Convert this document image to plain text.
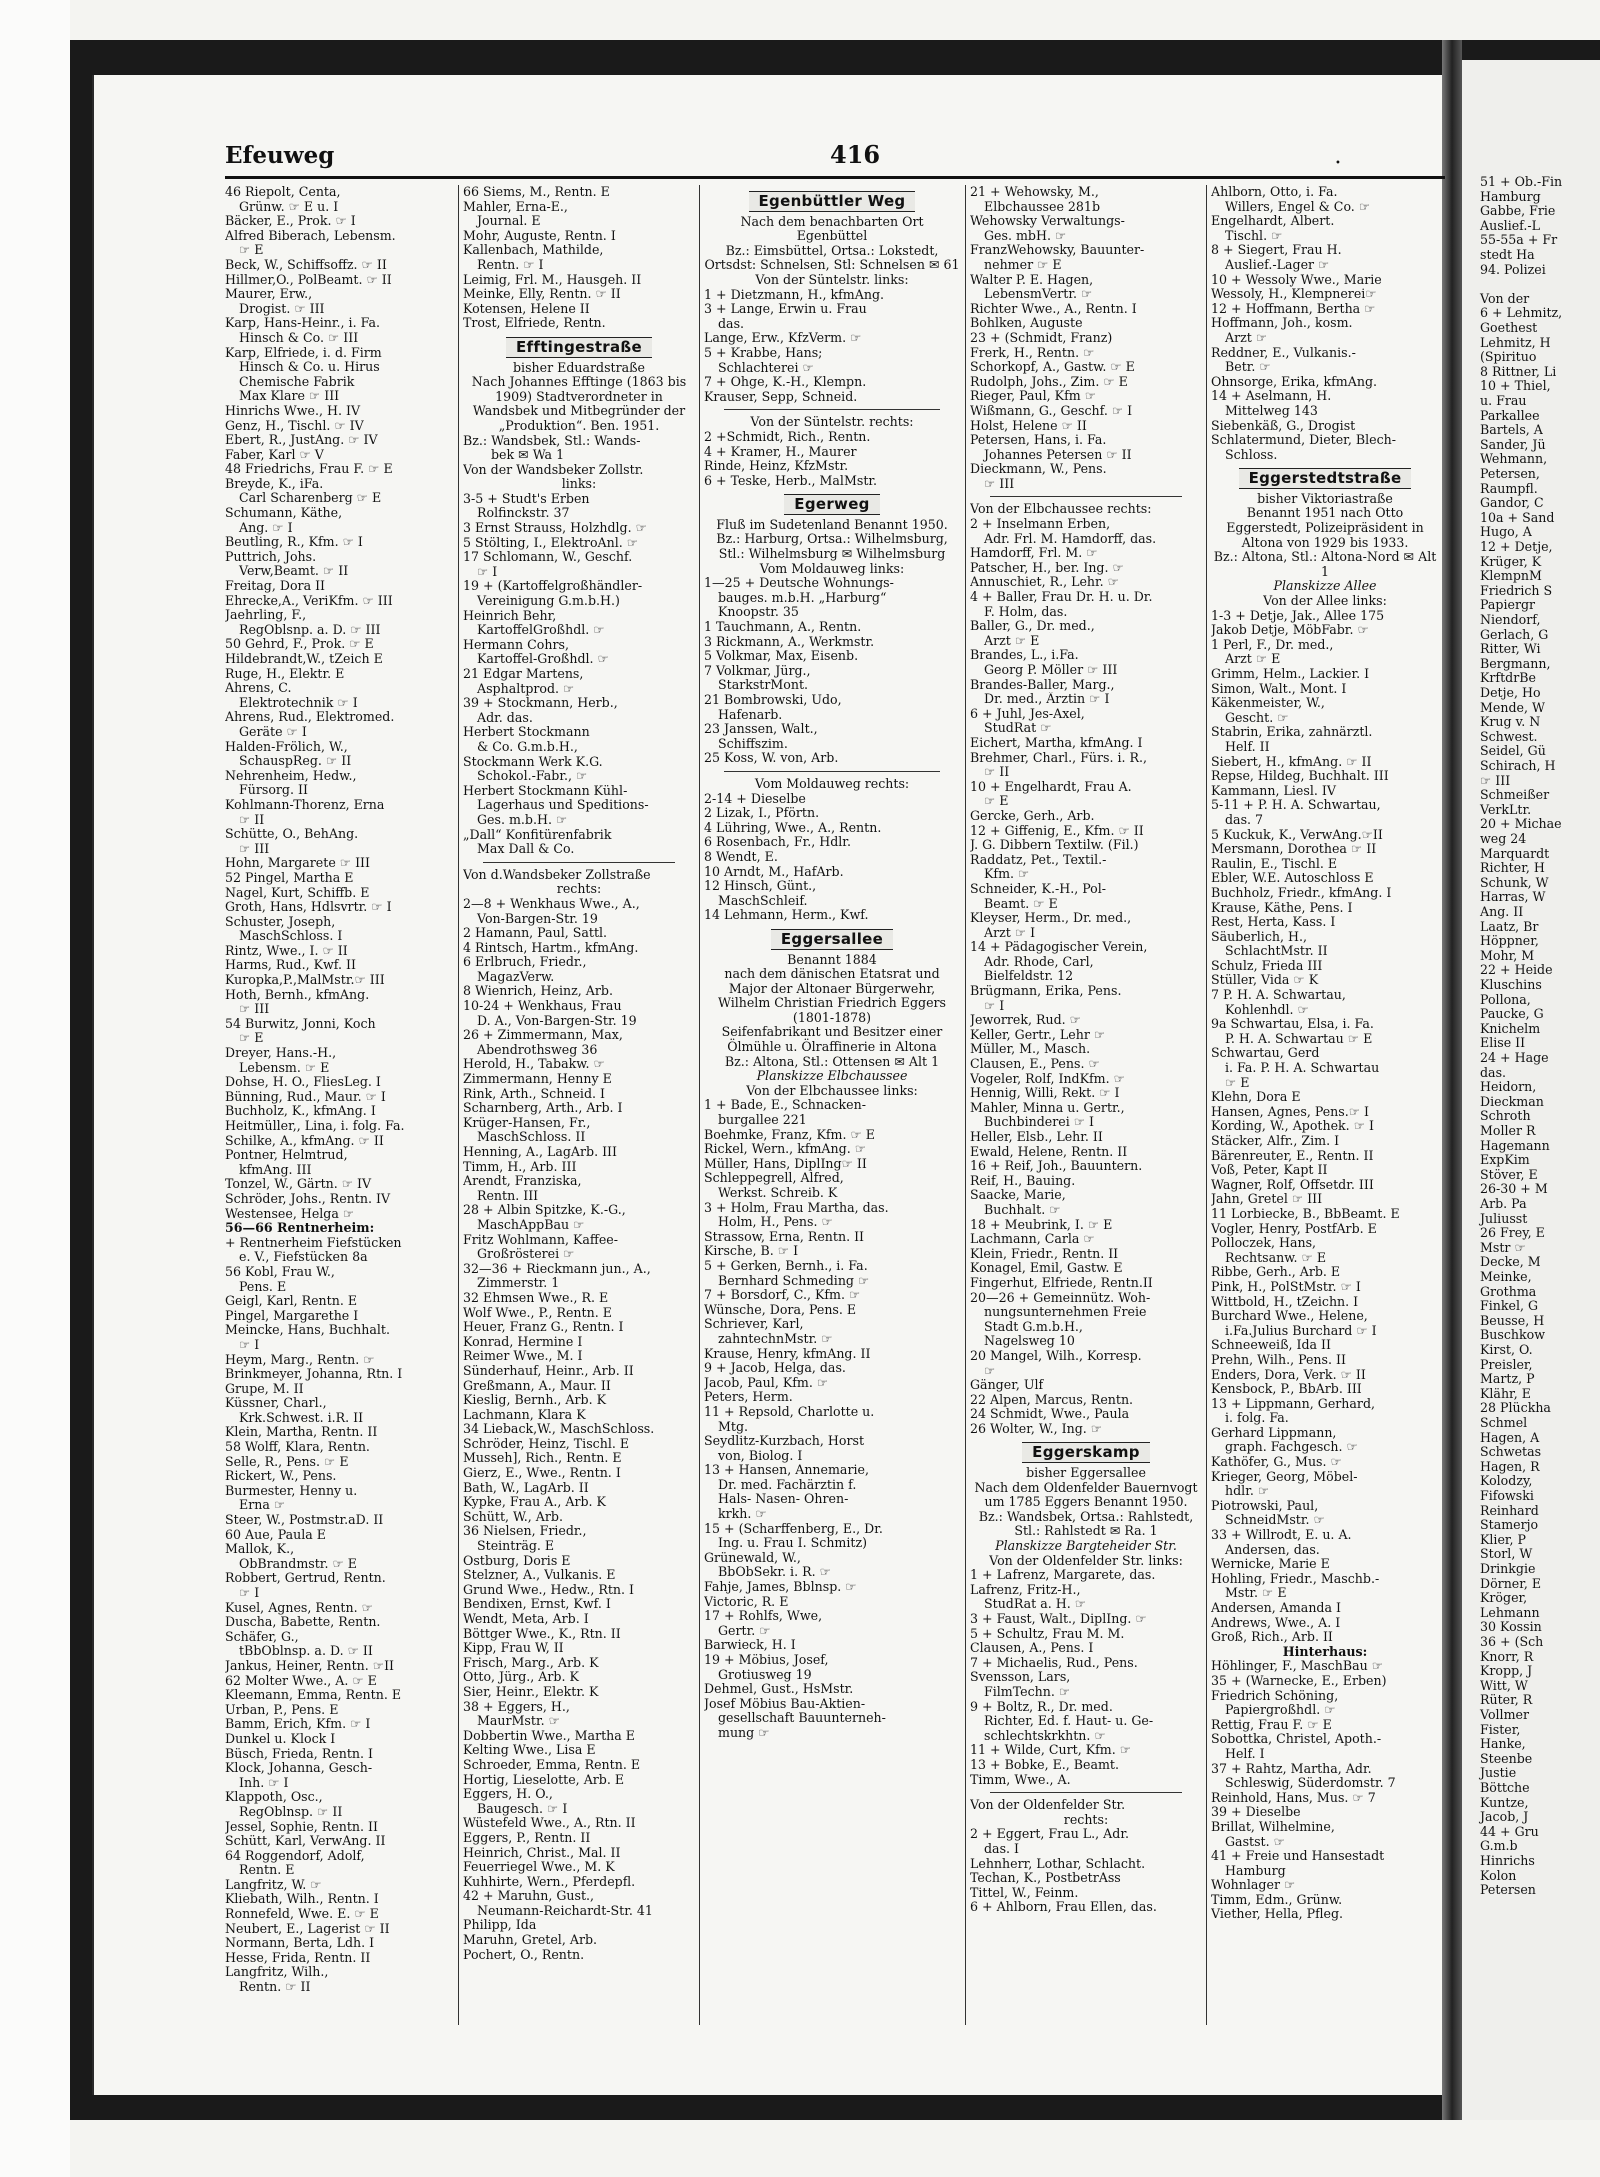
51 + Ob.-Fin
Hamburg
Gabbe, Frie
Auslief.-L
55-55a + Fr
stedt Ha
94. Polizei
Von der
6 + Lehmitz,
Goethest
Lehmitz, H
(Spirituo
8 Rittner, Li
10 + Thiel,
u. Frau
Parkallee
Bartels, A
Sander, Jü
Wehmann,
Petersen,
Raumpfl.
Gandor, C
10a + Sand
Hugo, A
12 + Detje,
Krüger, K
KlempnM
Friedrich S
Papiergr
Niendorf,
Gerlach, G
Ritter, Wi
Bergmann,
KrftdrBe
Detje, Ho
Mende, W
Krug v. N
Schwest.
Seidel, Gü
Schirach, H
☞ III
Schmeißer
VerkLtr.
20 + Michae
weg 24
Marquardt
Richter, H
Schunk, W
Harras, W
Ang. II
Laatz, Br
Höppner,
Mohr, M
22 + Heide
Kluschins
Pollona,
Paucke, G
Knichelm
Elise II
24 + Hage
das.
Heidorn,
Dieckman
Schroth
Moller R
Hagemann
ExpKim
Stöver, E
26-30 + M
Arb. Pa
Juliusst
26 Frey, E
Mstr ☞
Decke, M
Meinke,
Grothma
Finkel, G
Beusse, H
Buschkow
Kirst, O.
Preisler,
Martz, P
Klähr, E
28 Plückha
Schmel
Hagen, A
Schwetas
Hagen, R
Kolodzy,
Fifowski
Reinhard
Stamerjo
Klier, P
Storl, W
Drinkgie
Dörner, E
Kröger,
Lehmann
30 Kossin
36 + (Sch
Knorr, R
Kropp, J
Witt, W
Rüter, R
Vollmer
Fister,
Hanke,
Steenbe
Justie
Böttche
Kuntze,
Jacob, J
44 + Gru
G.m.b
Hinrichs
Kolon
Petersen
Efeuweg	416	•
46 Riepolt, Centa,
Grünw. ☞ E u. I
Bäcker, E., Prok. ☞ I
Alfred Biberach, Lebensm.
☞ E
Beck, W., Schiffsoffz. ☞ II
Hillmer,O., PolBeamt. ☞ II
Maurer, Erw.,
Drogist. ☞ III
Karp, Hans-Heinr., i. Fa.
Hinsch & Co. ☞ III
Karp, Elfriede, i. d. Firm
Hinsch & Co. u. Hirus
Chemische Fabrik
Max Klare ☞ III
Hinrichs Wwe., H. IV
Genz, H., Tischl. ☞ IV
Ebert, R., JustAng. ☞ IV
Faber, Karl ☞ V
48 Friedrichs, Frau F. ☞ E
Breyde, K., iFa.
Carl Scharenberg ☞ E
Schumann, Käthe,
Ang. ☞ I
Beutling, R., Kfm. ☞ I
Puttrich, Johs.
Verw,Beamt. ☞ II
Freitag, Dora II
Ehrecke,A., VeriKfm. ☞ III
Jaehrling, F.,
RegOblsnp. a. D. ☞ III
50 Gehrd, F., Prok. ☞ E
Hildebrandt,W., tZeich E
Ruge, H., Elektr. E
Ahrens, C.
Elektrotechnik ☞ I
Ahrens, Rud., Elektromed.
Geräte ☞ I
Halden-Frölich, W.,
SchauspReg. ☞ II
Nehrenheim, Hedw.,
Fürsorg. II
Kohlmann-Thorenz, Erna
☞ II
Schütte, O., BehAng.
☞ III
Hohn, Margarete ☞ III
52 Pingel, Martha E
Nagel, Kurt, Schiffb. E
Groth, Hans, Hdlsvrtr. ☞ I
Schuster, Joseph,
MaschSchloss. I
Rintz, Wwe., I. ☞ II
Harms, Rud., Kwf. II
Kuropka,P.,MalMstr.☞ III
Hoth, Bernh., kfmAng.
☞ III
54 Burwitz, Jonni, Koch
☞ E
Dreyer, Hans.-H.,
Lebensm. ☞ E
Dohse, H. O., FliesLeg. I
Bünning, Rud., Maur. ☞ I
Buchholz, K., kfmAng. I
Heitmüller,, Lina, i. folg. Fa.
Schilke, A., kfmAng. ☞ II
Pontner, Helmtrud,
kfmAng. III
Tonzel, W., Gärtn. ☞ IV
Schröder, Johs., Rentn. IV
Westensee, Helga ☞
56—66 Rentnerheim:
+ Rentnerheim Fiefstücken
e. V., Fiefstücken 8a
56 Kobl, Frau W.,
Pens. E
Geigl, Karl, Rentn. E
Pingel, Margarethe I
Meincke, Hans, Buchhalt.
☞ I
Heym, Marg., Rentn. ☞
Brinkmeyer, Johanna, Rtn. I
Grupe, M. II
Küssner, Charl.,
Krk.Schwest. i.R. II
Klein, Martha, Rentn. II
58 Wolff, Klara, Rentn.
Selle, R., Pens. ☞ E
Rickert, W., Pens.
Burmester, Henny u.
Erna ☞
Steer, W., Postmstr.aD. II
60 Aue, Paula E
Mallok, K.,
ObBrandmstr. ☞ E
Robbert, Gertrud, Rentn.
☞ I
Kusel, Agnes, Rentn. ☞
Duscha, Babette, Rentn.
Schäfer, G.,
tBbOblnsp. a. D. ☞ II
Jankus, Heiner, Rentn. ☞II
62 Molter Wwe., A. ☞ E
Kleemann, Emma, Rentn. E
Urban, P., Pens. E
Bamm, Erich, Kfm. ☞ I
Dunkel u. Klock I
Büsch, Frieda, Rentn. I
Klock, Johanna, Gesch-
Inh. ☞ I
Klappoth, Osc.,
RegOblnsp. ☞ II
Jessel, Sophie, Rentn. II
Schütt, Karl, VerwAng. II
64 Roggendorf, Adolf,
Rentn. E
Langfritz, W. ☞
Kliebath, Wilh., Rentn. I
Ronnefeld, Wwe. E. ☞ E
Neubert, E., Lagerist ☞ II
Normann, Berta, Ldh. I
Hesse, Frida, Rentn. II
Langfritz, Wilh.,
Rentn. ☞ II
66 Siems, M., Rentn. E
Mahler, Erna-E.,
Journal. E
Mohr, Auguste, Rentn. I
Kallenbach, Mathilde,
Rentn. ☞ I
Leimig, Frl. M., Hausgeh. II
Meinke, Elly, Rentn. ☞ II
Kotensen, Helene II
Trost, Elfriede, Rentn.
Efftingestraße
bisher Eduardstraße
Nach Johannes Efftinge (1863 bis 1909) Stadtverordneter in Wandsbek und Mitbegründer der „Produktion“. Ben. 1951.
Bz.: Wandsbek, Stl.: Wands-
bek ✉ Wa 1
Von der Wandsbeker Zollstr.
links:
3-5 + Studt's Erben
Rolfinckstr. 37
3 Ernst Strauss, Holzhdlg. ☞
5 Stölting, I., ElektroAnl. ☞
17 Schlomann, W., Geschf.
☞ I
19 + (Kartoffelgroßhändler-
Vereinigung G.m.b.H.)
Heinrich Behr,
KartoffelGroßhdl. ☞
Hermann Cohrs,
Kartoffel-Großhdl. ☞
21 Edgar Martens,
Asphaltprod. ☞
39 + Stockmann, Herb.,
Adr. das.
Herbert Stockmann
& Co. G.m.b.H.,
Stockmann Werk K.G.
Schokol.-Fabr., ☞
Herbert Stockmann Kühl-
Lagerhaus und Speditions-
Ges. m.b.H. ☞
„Dall“ Konfitürenfabrik
Max Dall & Co.
Von d.Wandsbeker Zollstraße
rechts:
2—8 + Wenkhaus Wwe., A.,
Von-Bargen-Str. 19
2 Hamann, Paul, Sattl.
4 Rintsch, Hartm., kfmAng.
6 Erlbruch, Friedr.,
MagazVerw.
8 Wienrich, Heinz, Arb.
10-24 + Wenkhaus, Frau
D. A., Von-Bargen-Str. 19
26 + Zimmermann, Max,
Abendrothsweg 36
Herold, H., Tabakw. ☞
Zimmermann, Henny E
Rink, Arth., Schneid. I
Scharnberg, Arth., Arb. I
Krüger-Hansen, Fr.,
MaschSchloss. II
Henning, A., LagArb. III
Timm, H., Arb. III
Arendt, Franziska,
Rentn. III
28 + Albin Spitzke, K.-G.,
MaschAppBau ☞
Fritz Wohlmann, Kaffee-
Großrösterei ☞
32—36 + Rieckmann jun., A.,
Zimmerstr. 1
32 Ehmsen Wwe., R. E
Wolf Wwe., P., Rentn. E
Heuer, Franz G., Rentn. I
Konrad, Hermine I
Reimer Wwe., M. I
Sünderhauf, Heinr., Arb. II
Greßmann, A., Maur. II
Kieslig, Bernh., Arb. K
Lachmann, Klara K
34 Lieback,W., MaschSchloss.
Schröder, Heinz, Tischl. E
Musseh], Rich., Rentn. E
Gierz, E., Wwe., Rentn. I
Bath, W., LagArb. II
Kypke, Frau A., Arb. K
Schütt, W., Arb.
36 Nielsen, Friedr.,
Steinträg. E
Ostburg, Doris E
Stelzner, A., Vulkanis. E
Grund Wwe., Hedw., Rtn. I
Bendixen, Ernst, Kwf. I
Wendt, Meta, Arb. I
Böttger Wwe., K., Rtn. II
Kipp, Frau W, II
Frisch, Marg., Arb. K
Otto, Jürg., Arb. K
Sier, Heinr., Elektr. K
38 + Eggers, H.,
MaurMstr. ☞
Dobbertin Wwe., Martha E
Kelting Wwe., Lisa E
Schroeder, Emma, Rentn. E
Hortig, Lieselotte, Arb. E
Eggers, H. O.,
Baugesch. ☞ I
Wüstefeld Wwe., A., Rtn. II
Eggers, P., Rentn. II
Heinrich, Christ., Mal. II
Feuerriegel Wwe., M. K
Kuhhirte, Wern., Pferdepfl.
42 + Maruhn, Gust.,
Neumann-Reichardt-Str. 41
Philipp, Ida
Maruhn, Gretel, Arb.
Pochert, O., Rentn.
Egenbüttler Weg
Nach dem benachbarten Ort Egenbüttel
Bz.: Eimsbüttel, Ortsa.: Lokstedt, Ortsdst: Schnelsen, Stl: Schnelsen ✉ 61
Von der Süntelstr. links:
1 + Dietzmann, H., kfmAng.
3 + Lange, Erwin u. Frau
das.
Lange, Erw., KfzVerm. ☞
5 + Krabbe, Hans;
Schlachterei ☞
7 + Ohge, K.-H., Klempn.
Krauser, Sepp, Schneid.
Von der Süntelstr. rechts:
2 +Schmidt, Rich., Rentn.
4 + Kramer, H., Maurer
Rinde, Heinz, KfzMstr.
6 + Teske, Herb., MalMstr.
Egerweg
Fluß im Sudetenland Benannt 1950.
Bz.: Harburg, Ortsa.: Wilhelmsburg, Stl.: Wilhelmsburg ✉ Wilhelmsburg
Vom Moldauweg links:
1—25 + Deutsche Wohnungs-
bauges. m.b.H. „Harburg“
Knoopstr. 35
1 Tauchmann, A., Rentn.
3 Rickmann, A., Werkmstr.
5 Volkmar, Max, Eisenb.
7 Volkmar, Jürg.,
StarkstrMont.
21 Bombrowski, Udo,
Hafenarb.
23 Janssen, Walt.,
Schiffszim.
25 Koss, W. von, Arb.
Vom Moldauweg rechts:
2-14 + Dieselbe
2 Lizak, I., Pförtn.
4 Lühring, Wwe., A., Rentn.
6 Rosenbach, Fr., Hdlr.
8 Wendt, E.
10 Arndt, M., HafArb.
12 Hinsch, Günt.,
MaschSchleif.
14 Lehmann, Herm., Kwf.
Eggersallee
Benannt 1884
nach dem dänischen Etatsrat und Major der Altonaer Bürgerwehr, Wilhelm Christian Friedrich Eggers (1801-1878)
Seifenfabrikant und Besitzer einer Ölmühle u. Ölraffinerie in Altona
Bz.: Altona, Stl.: Ottensen ✉ Alt 1
Planskizze Elbchaussee
Von der Elbchaussee links:
1 + Bade, E., Schnacken-
burgallee 221
Boehmke, Franz, Kfm. ☞ E
Rickel, Wern., kfmAng. ☞
Müller, Hans, DiplIng☞ II
Schleppegrell, Alfred,
Werkst. Schreib. K
3 + Holm, Frau Martha, das.
Holm, H., Pens. ☞
Strassow, Erna, Rentn. II
Kirsche, B. ☞ I
5 + Gerken, Bernh., i. Fa.
Bernhard Schmeding ☞
7 + Borsdorf, C., Kfm. ☞
Wünsche, Dora, Pens. E
Schriever, Karl,
zahntechnMstr. ☞
Krause, Henry, kfmAng. II
9 + Jacob, Helga, das.
Jacob, Paul, Kfm. ☞
Peters, Herm.
11 + Repsold, Charlotte u.
Mtg.
Seydlitz-Kurzbach, Horst
von, Biolog. I
13 + Hansen, Annemarie,
Dr. med. Fachärztin f.
Hals- Nasen- Ohren-
krkh. ☞
15 + (Scharffenberg, E., Dr.
Ing. u. Frau I. Schmitz)
Grünewald, W.,
BbObSekr. i. R. ☞
Fahje, James, Bblnsp. ☞
Victoric, R. E
17 + Rohlfs, Wwe,
Gertr. ☞
Barwieck, H. I
19 + Möbius, Josef,
Grotiusweg 19
Dehmel, Gust., HsMstr.
Josef Möbius Bau-Aktien-
gesellschaft Bauunterneh-
mung ☞
21 + Wehowsky, M.,
Elbchaussee 281b
Wehowsky Verwaltungs-
Ges. mbH. ☞
FranzWehowsky, Bauunter-
nehmer ☞ E
Walter P. E. Hagen,
LebensmVertr. ☞
Richter Wwe., A., Rentn. I
Bohlken, Auguste
23 + (Schmidt, Franz)
Frerk, H., Rentn. ☞
Schorkopf, A., Gastw. ☞ E
Rudolph, Johs., Zim. ☞ E
Rieger, Paul, Kfm ☞
Wißmann, G., Geschf. ☞ I
Holst, Helene ☞ II
Petersen, Hans, i. Fa.
Johannes Petersen ☞ II
Dieckmann, W., Pens.
☞ III
Von der Elbchaussee rechts:
2 + Inselmann Erben,
Adr. Frl. M. Hamdorff, das.
Hamdorff, Frl. M. ☞
Patscher, H., ber. Ing. ☞
Annuschiet, R., Lehr. ☞
4 + Baller, Frau Dr. H. u. Dr.
F. Holm, das.
Baller, G., Dr. med.,
Arzt ☞ E
Brandes, L., i.Fa.
Georg P. Möller ☞ III
Brandes-Baller, Marg.,
Dr. med., Ärztin ☞ I
6 + Juhl, Jes-Axel,
StudRat ☞
Eichert, Martha, kfmAng. I
Brehmer, Charl., Fürs. i. R.,
☞ II
10 + Engelhardt, Frau A.
☞ E
Gercke, Gerh., Arb.
12 + Giffenig, E., Kfm. ☞ II
J. G. Dibbern Textilw. (Fil.)
Raddatz, Pet., Textil.-
Kfm. ☞
Schneider, K.-H., Pol-
Beamt. ☞ E
Kleyser, Herm., Dr. med.,
Arzt ☞ I
14 + Pädagogischer Verein,
Adr. Rhode, Carl,
Bielfeldstr. 12
Brügmann, Erika, Pens.
☞ I
Jeworrek, Rud. ☞
Keller, Gertr., Lehr ☞
Müller, M., Masch.
Clausen, E., Pens. ☞
Vogeler, Rolf, IndKfm. ☞
Hennig, Willi, Rekt. ☞ I
Mahler, Minna u. Gertr.,
Buchbinderei ☞ I
Heller, Elsb., Lehr. II
Ewald, Helene, Rentn. II
16 + Reif, Joh., Bauuntern.
Reif, H., Bauing.
Saacke, Marie,
Buchhalt. ☞
18 + Meubrink, I. ☞ E
Lachmann, Carla ☞
Klein, Friedr., Rentn. II
Konagel, Emil, Gastw. E
Fingerhut, Elfriede, Rentn.II
20—26 + Gemeinnütz. Woh-
nungsunternehmen Freie
Stadt G.m.b.H.,
Nagelsweg 10
20 Mangel, Wilh., Korresp.
☞
Gänger, Ulf
22 Alpen, Marcus, Rentn.
24 Schmidt, Wwe., Paula
26 Wolter, W., Ing. ☞
Eggerskamp
bisher Eggersallee
Nach dem Oldenfelder Bauernvogt um 1785 Eggers Benannt 1950.
Bz.: Wandsbek, Ortsa.: Rahlstedt, Stl.: Rahlstedt ✉ Ra. 1
Planskizze Bargteheider Str.
Von der Oldenfelder Str. links:
1 + Lafrenz, Margarete, das.
Lafrenz, Fritz-H.,
StudRat a. H. ☞
3 + Faust, Walt., DiplIng. ☞
5 + Schultz, Frau M. M.
Clausen, A., Pens. I
7 + Michaelis, Rud., Pens.
Svensson, Lars,
FilmTechn. ☞
9 + Boltz, R., Dr. med.
Richter, Ed. f. Haut- u. Ge-
schlechtskrkhtn. ☞
11 + Wilde, Curt, Kfm. ☞
13 + Bobke, E., Beamt.
Timm, Wwe., A.
Von der Oldenfelder Str.
rechts:
2 + Eggert, Frau L., Adr.
das. I
Lehnherr, Lothar, Schlacht.
Techan, K., PostbetrAss
Tittel, W., Feinm.
6 + Ahlborn, Frau Ellen, das.
Ahlborn, Otto, i. Fa.
Willers, Engel & Co. ☞
Engelhardt, Albert.
Tischl. ☞
8 + Siegert, Frau H.
Auslief.-Lager ☞
10 + Wessoly Wwe., Marie
Wessoly, H., Klempnerei☞
12 + Hoffmann, Bertha ☞
Hoffmann, Joh., kosm.
Arzt ☞
Reddner, E., Vulkanis.-
Betr. ☞
Ohnsorge, Erika, kfmAng.
14 + Aselmann, H.
Mittelweg 143
Siebenkäß, G., Drogist
Schlatermund, Dieter, Blech-
Schloss.
Eggerstedtstraße
bisher Viktoriastraße
Benannt 1951 nach Otto Eggerstedt, Polizeipräsident in Altona von 1929 bis 1933.
Bz.: Altona, Stl.: Altona-Nord ✉ Alt 1
Planskizze Allee
Von der Allee links:
1-3 + Detje, Jak., Allee 175
Jakob Detje, MöbFabr. ☞
1 Perl, F., Dr. med.,
Arzt ☞ E
Grimm, Helm., Lackier. I
Simon, Walt., Mont. I
Käkenmeister, W.,
Gescht. ☞
Stabrin, Erika, zahnärztl.
Helf. II
Siebert, H., kfmAng. ☞ II
Repse, Hildeg, Buchhalt. III
Kammann, Liesl. IV
5-11 + P. H. A. Schwartau,
das. 7
5 Kuckuk, K., VerwAng.☞II
Mersmann, Dorothea ☞ II
Raulin, E., Tischl. E
Ebler, W.E. Autoschloss E
Buchholz, Friedr., kfmAng. I
Krause, Käthe, Pens. I
Rest, Herta, Kass. I
Säuberlich, H.,
SchlachtMstr. II
Schulz, Frieda III
Stüller, Vida ☞ K
7 P. H. A. Schwartau,
Kohlenhdl. ☞
9a Schwartau, Elsa, i. Fa.
P. H. A. Schwartau ☞ E
Schwartau, Gerd
i. Fa. P. H. A. Schwartau
☞ E
Klehn, Dora E
Hansen, Agnes, Pens.☞ I
Kording, W., Apothek. ☞ I
Stäcker, Alfr., Zim. I
Bärenreuter, E., Rentn. II
Voß, Peter, Kapt II
Wagner, Rolf, Offsetdr. III
Jahn, Gretel ☞ III
11 Lorbiecke, B., BbBeamt. E
Vogler, Henry, PostfArb. E
Polloczek, Hans,
Rechtsanw. ☞ E
Ribbe, Gerh., Arb. E
Pink, H., PolStMstr. ☞ I
Wittbold, H., tZeichn. I
Burchard Wwe., Helene,
i.Fa.Julius Burchard ☞ I
Schneeweiß, Ida II
Prehn, Wilh., Pens. II
Enders, Dora, Verk. ☞ II
Kensbock, P., BbArb. III
13 + Lippmann, Gerhard,
i. folg. Fa.
Gerhard Lippmann,
graph. Fachgesch. ☞
Kathöfer, G., Mus. ☞
Krieger, Georg, Möbel-
hdlr. ☞
Piotrowski, Paul,
SchneidMstr. ☞
33 + Willrodt, E. u. A.
Andersen, das.
Wernicke, Marie E
Hohling, Friedr., Maschb.-
Mstr. ☞ E
Andersen, Amanda I
Andrews, Wwe., A. I
Groß, Rich., Arb. II
Hinterhaus:
Höhlinger, F., MaschBau ☞
35 + (Warnecke, E., Erben)
Friedrich Schöning,
Papiergroßhdl. ☞
Rettig, Frau F. ☞ E
Sobottka, Christel, Apoth.-
Helf. I
37 + Rahtz, Martha, Adr.
Schleswig, Süderdomstr. 7
Reinhold, Hans, Mus. ☞ 7
39 + Dieselbe
Brillat, Wilhelmine,
Gastst. ☞
41 + Freie und Hansestadt
Hamburg
Wohnlager ☞
Timm, Edm., Grünw.
Viether, Hella, Pfleg.
